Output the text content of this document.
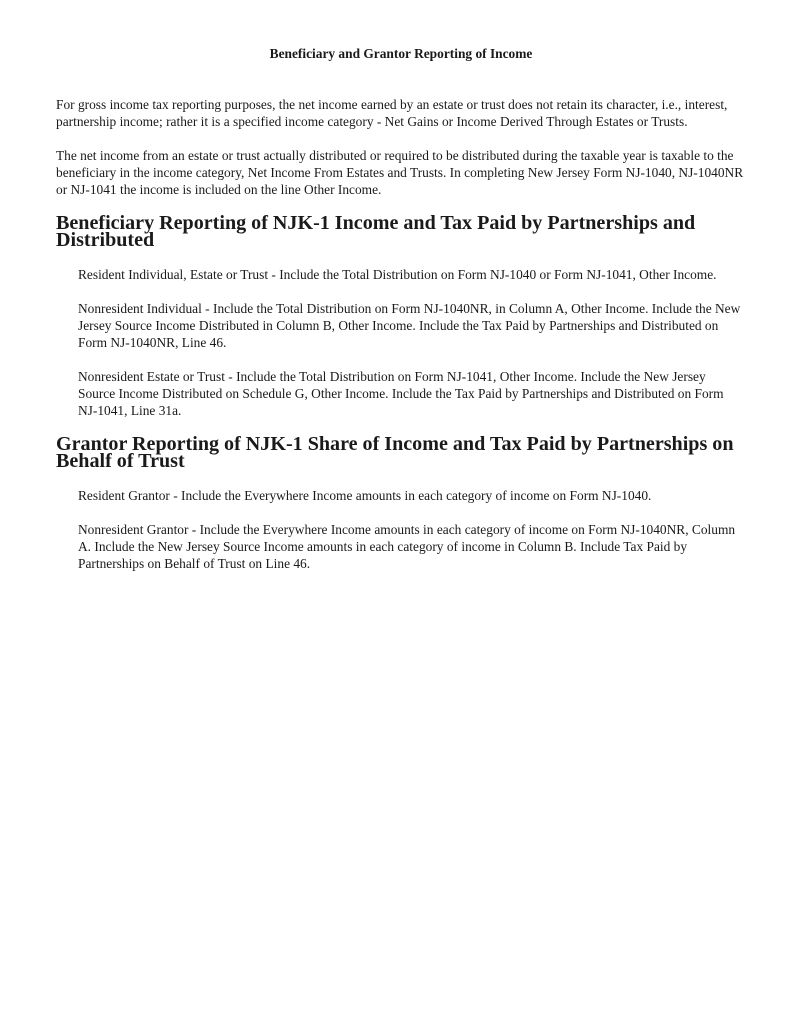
Beneficiary and Grantor Reporting of Income

For gross income tax reporting purposes, the net income earned by an estate or trust does not retain its character, i.e., interest, partnership income; rather it is a specified income category - Net Gains or Income Derived Through Estates or Trusts.

The net income from an estate or trust actually distributed or required to be distributed during the taxable year is taxable to the beneficiary in the income category, Net Income From Estates and Trusts. In completing New Jersey Form NJ-1040, NJ-1040NR or NJ-1041 the income is included on the line Other Income.

Beneficiary Reporting of NJK-1 Income and Tax Paid by Partnerships and Distributed

Resident Individual, Estate or Trust - Include the Total Distribution on Form NJ-1040 or Form NJ-1041, Other Income.

Nonresident Individual - Include the Total Distribution on Form NJ-1040NR, in Column A, Other Income. Include the New Jersey Source Income Distributed in Column B, Other Income. Include the Tax Paid by Partnerships and Distributed on Form NJ-1040NR, Line 46.

Nonresident Estate or Trust - Include the Total Distribution on Form NJ-1041, Other Income. Include the New Jersey Source Income Distributed on Schedule G, Other Income. Include the Tax Paid by Partnerships and Distributed on Form NJ-1041, Line 31a.

Grantor Reporting of NJK-1 Share of Income and Tax Paid by Partnerships on Behalf of Trust

Resident Grantor - Include the Everywhere Income amounts in each category of income on Form NJ-1040.

Nonresident Grantor - Include the Everywhere Income amounts in each category of income on Form NJ-1040NR, Column A. Include the New Jersey Source Income amounts in each category of income in Column B. Include Tax Paid by Partnerships on Behalf of Trust on Line 46.
